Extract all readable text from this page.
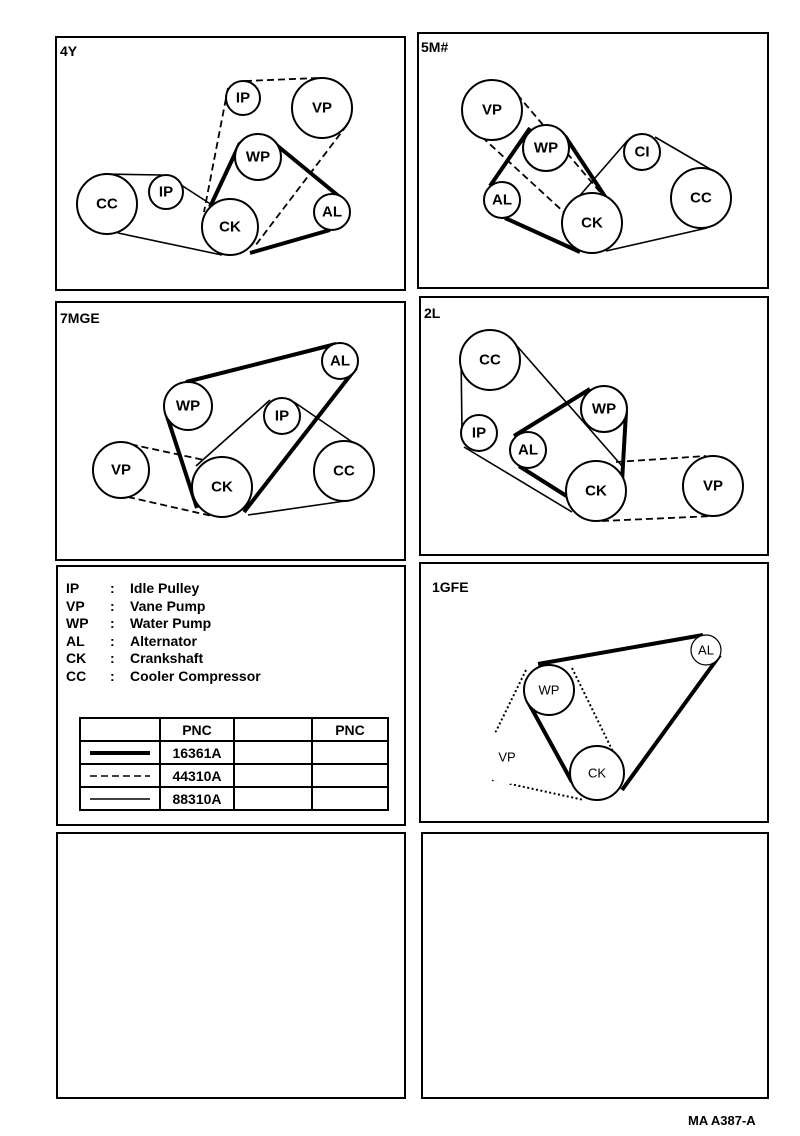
4Y	5M#
7MGE	2L
1GFE
CC
IP
CK
IP
VP
WP
AL
VP
WP	CI
AL
CK
CC
AL
WP
IP
VP
CK
CC
CC
WP
IP
AL
CK	VP
AL
WP
VP
CK
IP	:	Idle Pulley
VP	:	Vane Pump
WP	:	Water Pump
AL	:	Alternator
CK	:	Crankshaft
CC	:	Cooler Compressor
	PNC		PNC
	16361A		
	44310A		
	88310A		
MA A387-A
